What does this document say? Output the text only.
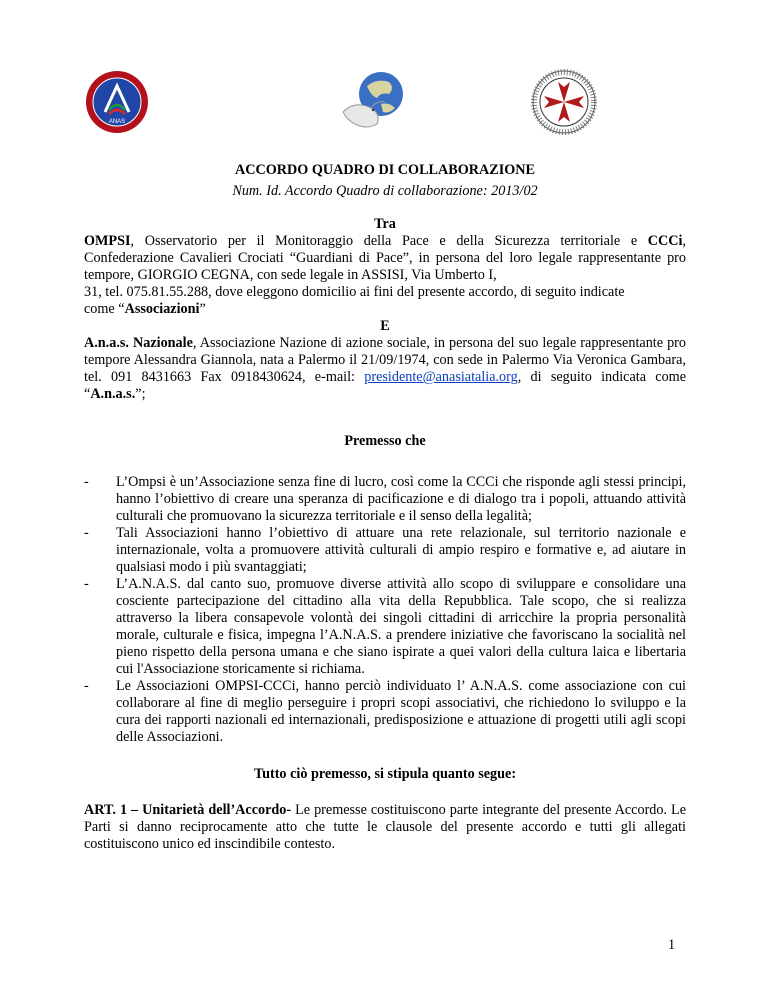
ANAS
ACCORDO QUADRO DI COLLABORAZIONE
Num. Id. Accordo Quadro di collaborazione: 2013/02
Tra

OMPSI, Osservatorio per il Monitoraggio della Pace e della Sicurezza territoriale e CCCi, Confederazione Cavalieri Crociati “Guardiani di Pace”, in persona del loro legale rappresentante pro tempore, GIORGIO CEGNA, con sede legale in ASSISI, Via Umberto I,

31, tel. 075.81.55.288, dove eleggono domicilio ai fini del presente accordo, di seguito indicate
come “Associazioni”
E
A.n.a.s. Nazionale, Associazione Nazione di azione sociale, in persona del suo legale rappresentante pro tempore Alessandra Giannola, nata a Palermo il 21/09/1974, con sede in Palermo Via Veronica Gambara, tel. 091 8431663 Fax 0918430624, e-mail: presidente@anasiatalia.org, di seguito indicata come “A.n.a.s.”;
Premesso che
- L’Ompsi è un’Associazione senza fine di lucro, così come la CCCi che risponde agli stessi principi, hanno l’obiettivo di creare una speranza di pacificazione e di dialogo tra i popoli, attuando attività culturali che promuovano la sicurezza territoriale e il senso della legalità;
- Tali Associazioni hanno l’obiettivo di attuare una rete relazionale, sul territorio nazionale e internazionale, volta a promuovere attività culturali di ampio respiro e formative e, ad aiutare in qualsiasi modo i più svantaggiati;
- L’A.N.A.S. dal canto suo, promuove diverse attività allo scopo di sviluppare e consolidare una cosciente partecipazione del cittadino alla vita della Repubblica. Tale scopo, che si realizza attraverso la libera consapevole volontà dei singoli cittadini di arricchire la propria personalità morale, culturale e fisica, impegna l’A.N.A.S. a prendere iniziative che favoriscano la socialità nel pieno rispetto della persona umana e che siano ispirate a quei valori della cultura laica e libertaria cui l'Associazione storicamente si richiama.
- Le Associazioni OMPSI-CCCi, hanno perciò individuato l’ A.N.A.S. come associazione con cui collaborare al fine di meglio perseguire i propri scopi associativi, che richiedono lo sviluppo e la cura dei rapporti nazionali ed internazionali, predisposizione e attuazione di progetti utili agli scopi delle Associazioni.
Tutto ciò premesso, si stipula quanto segue:
ART. 1 – Unitarietà dell’Accordo- Le premesse costituiscono parte integrante del presente Accordo. Le Parti si danno reciprocamente atto che tutte le clausole del presente accordo e tutti gli allegati costituiscono unico ed inscindibile contesto.
1
